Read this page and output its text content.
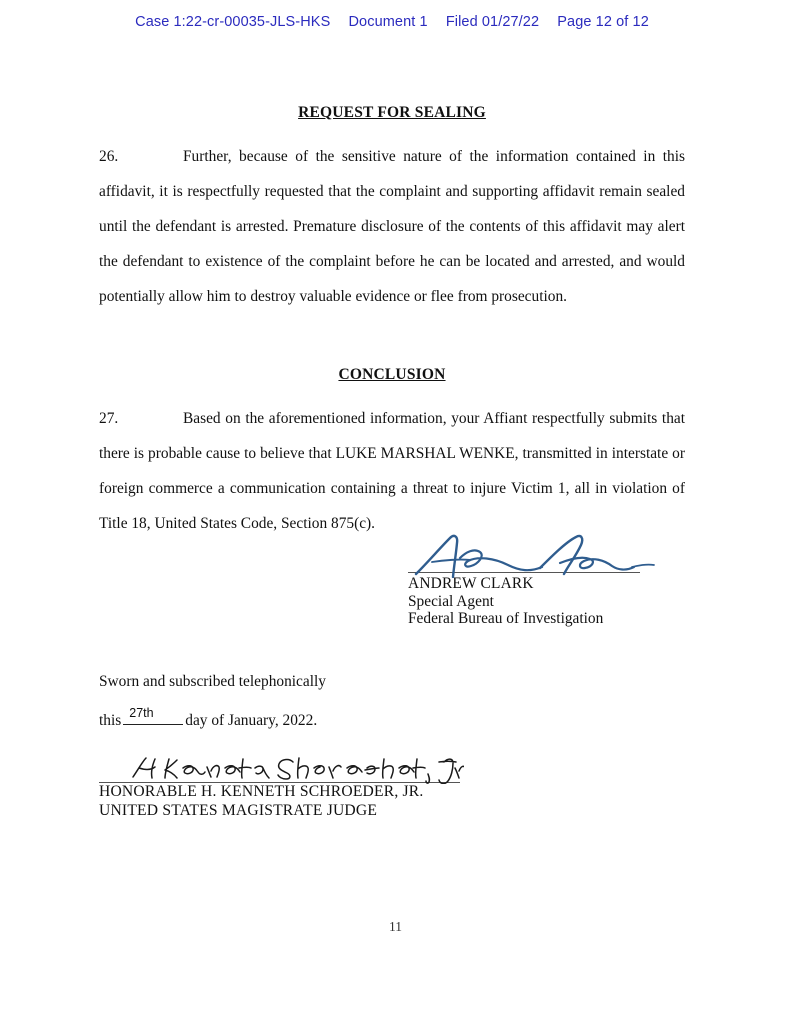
Case 1:22-cr-00035-JLS-HKS Document 1 Filed 01/27/22 Page 12 of 12
REQUEST FOR SEALING

26.	Further, because of the sensitive nature of the information contained in this affidavit, it is respectfully requested that the complaint and supporting affidavit remain sealed until the defendant is arrested. Premature disclosure of the contents of this affidavit may alert the defendant to existence of the complaint before he can be located and arrested, and would potentially allow him to destroy valuable evidence or flee from prosecution.

CONCLUSION

27.	Based on the aforementioned information, your Affiant respectfully submits that there is probable cause to believe that LUKE MARSHAL WENKE, transmitted in interstate or foreign commerce a communication containing a threat to injure Victim 1, all in violation of Title 18, United States Code, Section 875(c).

ANDREW CLARK
Special Agent
Federal Bureau of Investigation
Sworn and subscribed telephonically
this 27th day of January, 2022.
HONORABLE H. KENNETH SCHROEDER, JR.
UNITED STATES MAGISTRATE JUDGE
11
